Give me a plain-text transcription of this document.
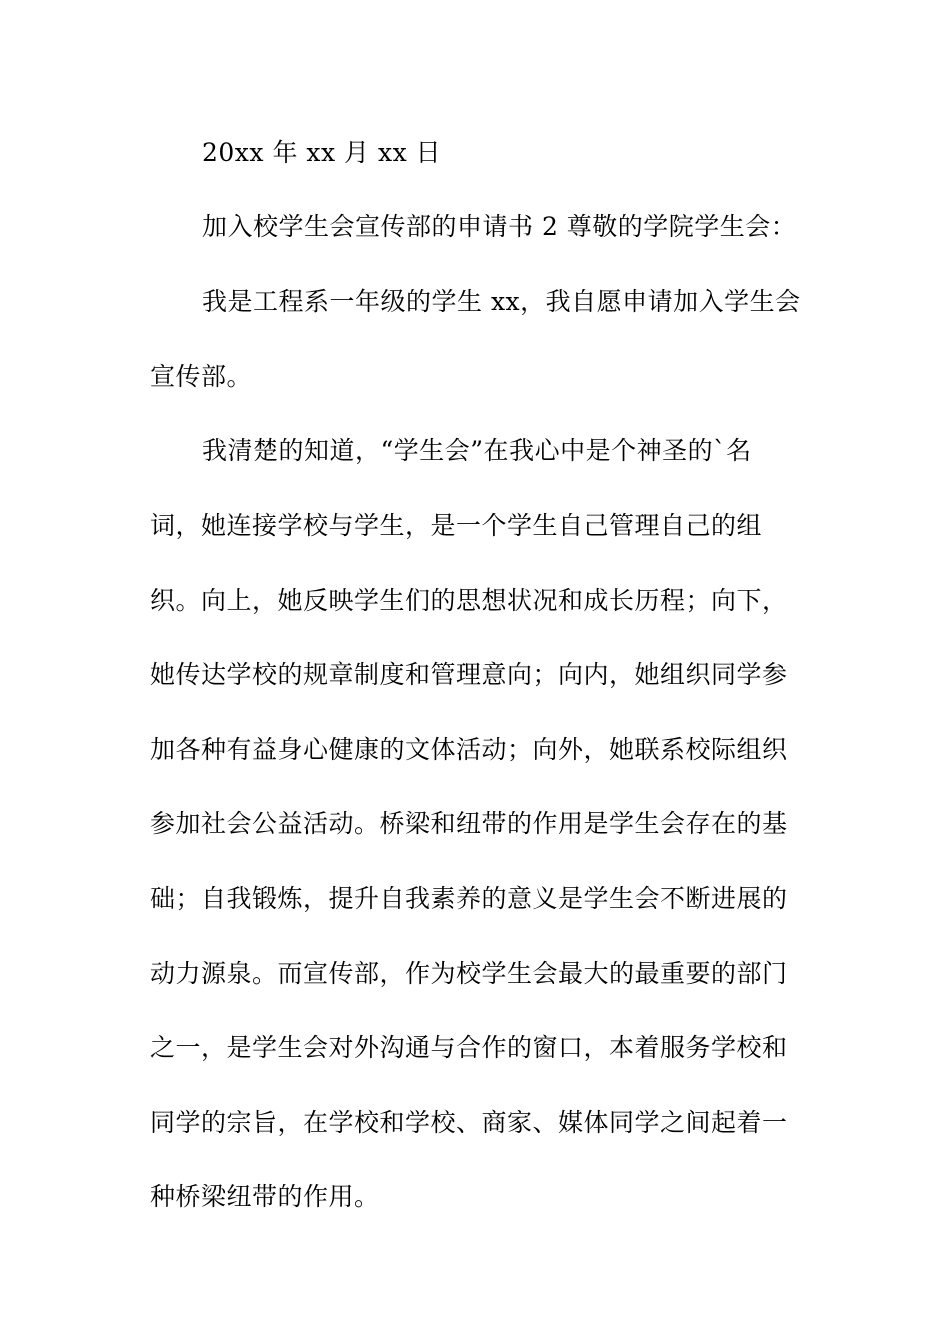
20xx 年 xx 月 xx 日
加入校学生会宣传部的申请书 2 尊敬的学院学生会：
我是工程系一年级的学生 xx，我自愿申请加入学生会
宣传部。
我清楚的知道，“学生会”在我心中是个神圣的`名
词，她连接学校与学生，是一个学生自己管理自己的组
织。向上，她反映学生们的思想状况和成长历程；向下，
她传达学校的规章制度和管理意向；向内，她组织同学参
加各种有益身心健康的文体活动；向外，她联系校际组织
参加社会公益活动。桥梁和纽带的作用是学生会存在的基
础；自我锻炼，提升自我素养的意义是学生会不断进展的
动力源泉。而宣传部，作为校学生会最大的最重要的部门
之一，是学生会对外沟通与合作的窗口，本着服务学校和
同学的宗旨，在学校和学校、商家、媒体同学之间起着一
种桥梁纽带的作用。
